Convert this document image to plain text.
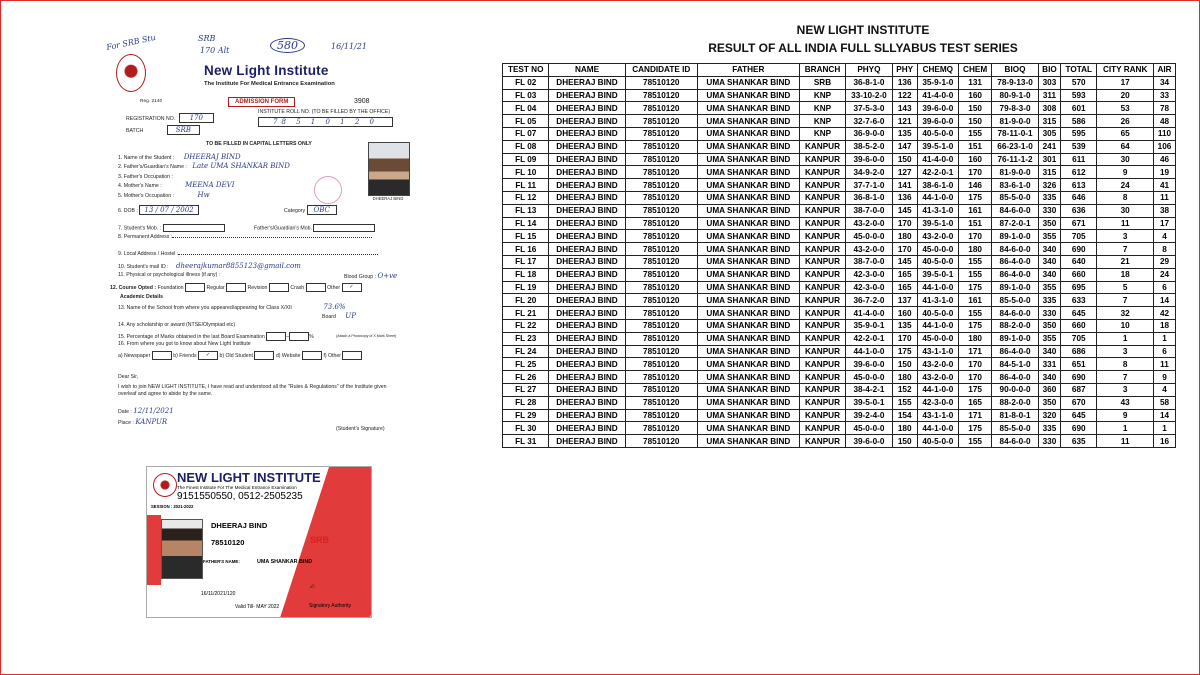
For SRB Stu	SRB
170 Alt	580	16/11/21
New Light Institute
The Institute For Medical Entrance Examination
Reg. 2140	ADMISSION FORM	3908
REGISTRATION NO. 170
INSTITUTE ROLL NO. (TO BE FILLED BY THE OFFICE)
78 5 1 0 1 2 0
BATCH	SRB
TO BE FILLED IN CAPITAL LETTERS ONLY
1. Name of the Student : DHEERAJ BIND
2. Father's/Guardian's Name : Late UMA SHANKAR BIND
3. Father's Occupation :
4. Mother's Name :	MEENA DEVI
5. Mother's Occupation :	Hw
6. DOB : 13 / 07 / 2002	Category OBC
7. Student's Mob. :	Father's/Guardian's Mob.
8. Permanent Address :
9. Local Address / Hostel :
10. Student's mail ID : dheerajkumar8855123@gmail.com
11. Physical or psychological illness (if any) :	Blood Group : O+ve
12. Course Opted : Foundation	Regular	Revision	Crash	Other ✓
Academic Details
13. Name of the School from where you appeared/appearing for Class X/XII	73.6%
Board UP
14. Any scholarship or award (NTSE/Olympiad etc)
15. Percentage of Marks obtained in the last Board Examination	–	%	(Attach a Photocopy of X Mark Sheet)
16. From where you got to know about New Light Institute
a) Newspaper	b) Friends ✓ b) Old Student	d) Website	f) Other
Dear Sir,
I wish to join NEW LIGHT INSTITUTE, I have read and understood all the "Rules & Regulations" of the Institute given overleaf and agree to abide by the same.
Date : 12/11/2021
Place : KANPUR
(Student's Signature)
DHEERAJ BIND
NEW LIGHT INSTITUTE
The Finest Institute For The Medical Entrance Examination
9151550550, 0512-2505235
SESSION : 2021-2022
DHEERAJ BIND
78510120	SRB
FATHER'S NAME:	UMA SHANKAR BIND
16/11/2021/120
Valid Till- MAY 2022
✍︎
Signatory Authority
NEW LIGHT INSTITUTE
RESULT OF ALL INDIA FULL SLLYABUS TEST SERIES
TEST NO	NAME	CANDIDATE ID	FATHER	BRANCH	PHYQ	PHY	CHEMQ	CHEM	BIOQ	BIO	TOTAL	CITY RANK	AIR
FL 02	DHEERAJ BIND	78510120	UMA SHANKAR BIND	SRB	36-8-1-0	136	35-9-1-0	131	78-9-13-0	303	570	17	34
FL 03	DHEERAJ BIND	78510120	UMA SHANKAR BIND	KNP	33-10-2-0	122	41-4-0-0	160	80-9-1-0	311	593	20	33
FL 04	DHEERAJ BIND	78510120	UMA SHANKAR BIND	KNP	37-5-3-0	143	39-6-0-0	150	79-8-3-0	308	601	53	78
FL 05	DHEERAJ BIND	78510120	UMA SHANKAR BIND	KNP	32-7-6-0	121	39-6-0-0	150	81-9-0-0	315	586	26	48
FL 07	DHEERAJ BIND	78510120	UMA SHANKAR BIND	KNP	36-9-0-0	135	40-5-0-0	155	78-11-0-1	305	595	65	110
FL 08	DHEERAJ BIND	78510120	UMA SHANKAR BIND	KANPUR	38-5-2-0	147	39-5-1-0	151	66-23-1-0	241	539	64	106
FL 09	DHEERAJ BIND	78510120	UMA SHANKAR BIND	KANPUR	39-6-0-0	150	41-4-0-0	160	76-11-1-2	301	611	30	46
FL 10	DHEERAJ BIND	78510120	UMA SHANKAR BIND	KANPUR	34-9-2-0	127	42-2-0-1	170	81-9-0-0	315	612	9	19
FL 11	DHEERAJ BIND	78510120	UMA SHANKAR BIND	KANPUR	37-7-1-0	141	38-6-1-0	146	83-6-1-0	326	613	24	41
FL 12	DHEERAJ BIND	78510120	UMA SHANKAR BIND	KANPUR	36-8-1-0	136	44-1-0-0	175	85-5-0-0	335	646	8	11
FL 13	DHEERAJ BIND	78510120	UMA SHANKAR BIND	KANPUR	38-7-0-0	145	41-3-1-0	161	84-6-0-0	330	636	30	38
FL 14	DHEERAJ BIND	78510120	UMA SHANKAR BIND	KANPUR	43-2-0-0	170	39-5-1-0	151	87-2-0-1	350	671	11	17
FL 15	DHEERAJ BIND	78510120	UMA SHANKAR BIND	KANPUR	45-0-0-0	180	43-2-0-0	170	89-1-0-0	355	705	3	4
FL 16	DHEERAJ BIND	78510120	UMA SHANKAR BIND	KANPUR	43-2-0-0	170	45-0-0-0	180	84-6-0-0	340	690	7	8
FL 17	DHEERAJ BIND	78510120	UMA SHANKAR BIND	KANPUR	38-7-0-0	145	40-5-0-0	155	86-4-0-0	340	640	21	29
FL 18	DHEERAJ BIND	78510120	UMA SHANKAR BIND	KANPUR	42-3-0-0	165	39-5-0-1	155	86-4-0-0	340	660	18	24
FL 19	DHEERAJ BIND	78510120	UMA SHANKAR BIND	KANPUR	42-3-0-0	165	44-1-0-0	175	89-1-0-0	355	695	5	6
FL 20	DHEERAJ BIND	78510120	UMA SHANKAR BIND	KANPUR	36-7-2-0	137	41-3-1-0	161	85-5-0-0	335	633	7	14
FL 21	DHEERAJ BIND	78510120	UMA SHANKAR BIND	KANPUR	41-4-0-0	160	40-5-0-0	155	84-6-0-0	330	645	32	42
FL 22	DHEERAJ BIND	78510120	UMA SHANKAR BIND	KANPUR	35-9-0-1	135	44-1-0-0	175	88-2-0-0	350	660	10	18
FL 23	DHEERAJ BIND	78510120	UMA SHANKAR BIND	KANPUR	42-2-0-1	170	45-0-0-0	180	89-1-0-0	355	705	1	1
FL 24	DHEERAJ BIND	78510120	UMA SHANKAR BIND	KANPUR	44-1-0-0	175	43-1-1-0	171	86-4-0-0	340	686	3	6
FL 25	DHEERAJ BIND	78510120	UMA SHANKAR BIND	KANPUR	39-6-0-0	150	43-2-0-0	170	84-5-1-0	331	651	8	11
FL 26	DHEERAJ BIND	78510120	UMA SHANKAR BIND	KANPUR	45-0-0-0	180	43-2-0-0	170	86-4-0-0	340	690	7	9
FL 27	DHEERAJ BIND	78510120	UMA SHANKAR BIND	KANPUR	38-4-2-1	152	44-1-0-0	175	90-0-0-0	360	687	3	4
FL 28	DHEERAJ BIND	78510120	UMA SHANKAR BIND	KANPUR	39-5-0-1	155	42-3-0-0	165	88-2-0-0	350	670	43	58
FL 29	DHEERAJ BIND	78510120	UMA SHANKAR BIND	KANPUR	39-2-4-0	154	43-1-1-0	171	81-8-0-1	320	645	9	14
FL 30	DHEERAJ BIND	78510120	UMA SHANKAR BIND	KANPUR	45-0-0-0	180	44-1-0-0	175	85-5-0-0	335	690	1	1
FL 31	DHEERAJ BIND	78510120	UMA SHANKAR BIND	KANPUR	39-6-0-0	150	40-5-0-0	155	84-6-0-0	330	635	11	16
